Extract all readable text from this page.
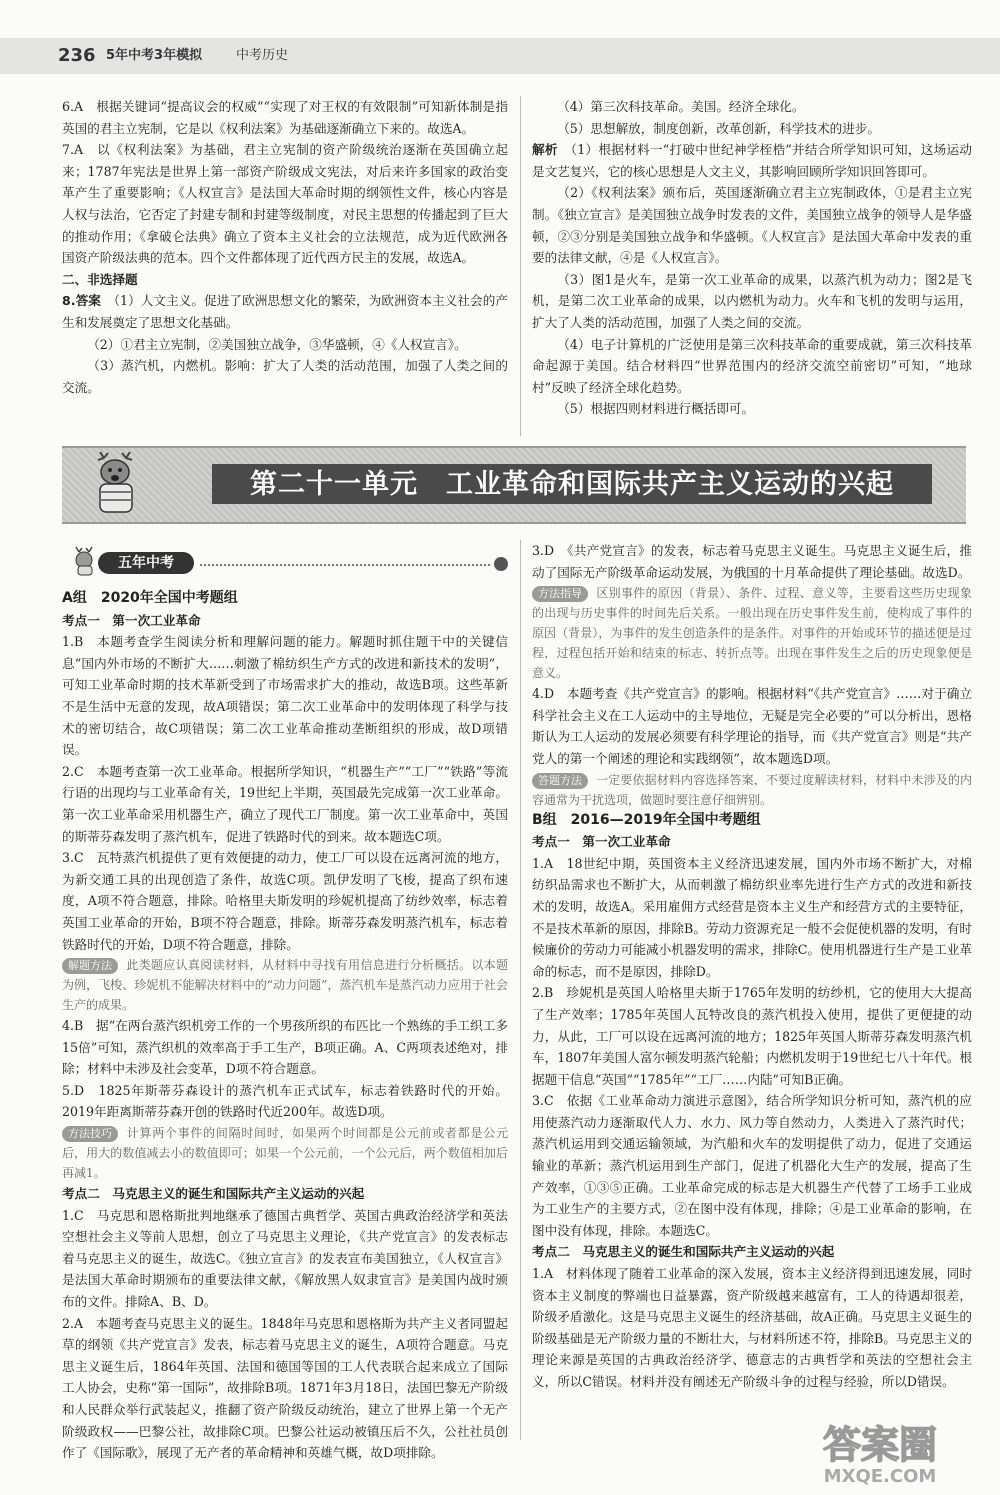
236 5年中考3年模拟	中考历史

6.A　根据关键词“提高议会的权威”“实现了对王权的有效限制”可知新体制是指英国的君主立宪制，它是以《权利法案》为基础逐渐确立下来的。故选A。

7.A　以《权利法案》为基础，君主立宪制的资产阶级统治逐渐在英国确立起来；1787年宪法是世界上第一部资产阶级成文宪法，对后来许多国家的政治变革产生了重要影响；《人权宣言》是法国大革命时期的纲领性文件，核心内容是人权与法治，它否定了封建专制和封建等级制度，对民主思想的传播起到了巨大的推动作用；《拿破仑法典》确立了资本主义社会的立法规范，成为近代欧洲各国资产阶级法典的范本。四个文件都体现了近代西方民主的发展，故选A。

二、非选择题

8.答案　 （1）人文主义。促进了欧洲思想文化的繁荣，为欧洲资本主义社会的产生和发展奠定了思想文化基础。

（2）①君主立宪制，②美国独立战争，③华盛顿，④《人权宣言》。

（3）蒸汽机，内燃机。影响：扩大了人类的活动范围，加强了人类之间的交流。

（4）第三次科技革命。美国。经济全球化。

（5）思想解放，制度创新，改革创新，科学技术的进步。

解析　 （1）根据材料一“打破中世纪神学桎梏”并结合所学知识可知，这场运动是文艺复兴，它的核心思想是人文主义，其影响回顾所学知识回答即可。

（2）《权利法案》颁布后，英国逐渐确立君主立宪制政体，①是君主立宪制。《独立宣言》是美国独立战争时发表的文件，美国独立战争的领导人是华盛顿，②③分别是美国独立战争和华盛顿。《人权宣言》是法国大革命中发表的重要的法律文献，④是《人权宣言》。

（3）图1是火车，是第一次工业革命的成果，以蒸汽机为动力；图2是飞机，是第二次工业革命的成果，以内燃机为动力。火车和飞机的发明与运用，扩大了人类的活动范围，加强了人类之间的交流。

（4）电子计算机的广泛使用是第三次科技革命的重要成就，第三次科技革命起源于美国。结合材料四“世界范围内的经济交流空前密切”可知，“地球村”反映了经济全球化趋势。

（5）根据四则材料进行概括即可。

第二十一单元　工业革命和国际共产主义运动的兴起
五年中考

A组　2020年全国中考题组

考点一　第一次工业革命

1.B　本题考查学生阅读分析和理解问题的能力。解题时抓住题干中的关键信息“国内外市场的不断扩大……刺激了棉纺织生产方式的改进和新技术的发明”，可知工业革命时期的技术革新受到了市场需求扩大的推动，故选B项。这些革新不是生活中无意的发现，故A项错误；第二次工业革命中的发明体现了科学与技术的密切结合，故C项错误；第二次工业革命推动垄断组织的形成，故D项错误。

2.C　本题考查第一次工业革命。根据所学知识，“机器生产”“工厂”“铁路”等流行语的出现均与工业革命有关，19世纪上半期，英国最先完成第一次工业革命。第一次工业革命采用机器生产，确立了现代工厂制度。第一次工业革命中，英国的斯蒂芬森发明了蒸汽机车，促进了铁路时代的到来。故本题选C项。

3.C　瓦特蒸汽机提供了更有效便捷的动力，使工厂可以设在远离河流的地方，为新交通工具的出现创造了条件，故选C项。凯伊发明了飞梭，提高了织布速度，A项不符合题意，排除。哈格里夫斯发明的珍妮机提高了纺纱效率，标志着英国工业革命的开始，B项不符合题意，排除。斯蒂芬森发明蒸汽机车，标志着铁路时代的开始，D项不符合题意，排除。

解题方法 此类题应认真阅读材料，从材料中寻找有用信息进行分析概括。以本题为例，飞梭、珍妮机不能解决材料中的“动力问题”，蒸汽机车是蒸汽动力应用于社会生产的成果。

4.B　据“在两台蒸汽织机旁工作的一个男孩所织的布匹比一个熟练的手工织工多15倍”可知，蒸汽织机的效率高于手工生产，B项正确。A、C两项表述绝对，排除；材料中未涉及社会变革，D项不符合题意。

5.D　1825年斯蒂芬森设计的蒸汽机车正式试车，标志着铁路时代的开始。2019年距离斯蒂芬森开创的铁路时代近200年。故选D项。

方法技巧 计算两个事件的间隔时间时，如果两个时间都是公元前或者都是公元后，用大的数值减去小的数值即可；如果一个公元前，一个公元后，两个数值相加后再减1。

考点二　马克思主义的诞生和国际共产主义运动的兴起

1.C　马克思和恩格斯批判地继承了德国古典哲学、英国古典政治经济学和英法空想社会主义等前人思想，创立了马克思主义理论，《共产党宣言》的发表标志着马克思主义的诞生，故选C。《独立宣言》的发表宣布美国独立，《人权宣言》是法国大革命时期颁布的重要法律文献，《解放黑人奴隶宣言》是美国内战时颁布的文件。排除A、B、D。

2.A　本题考查马克思主义的诞生。1848年马克思和恩格斯为共产主义者同盟起草的纲领《共产党宣言》发表，标志着马克思主义的诞生，A项符合题意。马克思主义诞生后，1864年英国、法国和德国等国的工人代表联合起来成立了国际工人协会，史称“第一国际”，故排除B项。1871年3月18日，法国巴黎无产阶级和人民群众举行武装起义，推翻了资产阶级反动统治，建立了世界上第一个无产阶级政权——巴黎公社，故排除C项。巴黎公社运动被镇压后不久，公社社员创作了《国际歌》，展现了无产者的革命精神和英雄气概，故D项排除。

3.D　《共产党宣言》的发表，标志着马克思主义诞生。马克思主义诞生后，推动了国际无产阶级革命运动发展，为俄国的十月革命提供了理论基础。故选D。

方法指导 区别事件的原因（背景）、条件、过程、意义等，主要看这些历史现象的出现与历史事件的时间先后关系。一般出现在历史事件发生前，使构成了事件的原因（背景），为事件的发生创造条件的是条件。对事件的开始或环节的描述便是过程，过程包括开始和结束的标志、转折点等。出现在事件发生之后的历史现象便是意义。

4.D　本题考查《共产党宣言》的影响。根据材料“《共产党宣言》……对于确立科学社会主义在工人运动中的主导地位，无疑是完全必要的”可以分析出，恩格斯认为工人运动的发展必须要有科学理论的指导，而《共产党宣言》则是“共产党人的第一个阐述的理论和实践纲领”，故本题选D项。

答题方法 一定要依据材料内容选择答案，不要过度解读材料，材料中未涉及的内容通常为干扰选项，做题时要注意仔细辨别。

B组　2016—2019年全国中考题组

考点一　第一次工业革命

1.A　18世纪中期，英国资本主义经济迅速发展，国内外市场不断扩大，对棉纺织品需求也不断扩大，从而刺激了棉纺织业率先进行生产方式的改进和新技术的发明，故选A。采用雇佣方式经营是资本主义生产和经营方式的主要特征，不是技术革新的原因，排除B。劳动力资源充足一般不会促使机器的发明，有时候廉价的劳动力可能减小机器发明的需求，排除C。使用机器进行生产是工业革命的标志，而不是原因，排除D。

2.B　珍妮机是英国人哈格里夫斯于1765年发明的纺纱机，它的使用大大提高了生产效率；1785年英国人瓦特改良的蒸汽机投入使用，提供了更便捷的动力，从此，工厂可以设在远离河流的地方；1825年英国人斯蒂芬森发明蒸汽机车，1807年美国人富尔顿发明蒸汽轮船；内燃机发明于19世纪七八十年代。根据题干信息“英国”“1785年”“工厂……内陆”可知B正确。

3.C　依据《工业革命动力演进示意图》，结合所学知识分析可知，蒸汽机的应用使蒸汽动力逐渐取代人力、水力、风力等自然动力，人类进入了蒸汽时代；蒸汽机运用到交通运输领域，为汽船和火车的发明提供了动力，促进了交通运输业的革新；蒸汽机运用到生产部门，促进了机器化大生产的发展，提高了生产效率，①③⑤正确。工业革命完成的标志是大机器生产代替了工场手工业成为工业生产的主要方式，②在图中没有体现，排除；④是工业革命的影响，在图中没有体现，排除。本题选C。

考点二　马克思主义的诞生和国际共产主义运动的兴起

1.A　材料体现了随着工业革命的深入发展，资本主义经济得到迅速发展，同时资本主义制度的弊端也日益暴露，资产阶级越来越富有，工人的待遇却很差，阶级矛盾激化。这是马克思主义诞生的经济基础，故A正确。马克思主义诞生的阶级基础是无产阶级力量的不断壮大，与材料所述不符，排除B。马克思主义的理论来源是英国的古典政治经济学、德意志的古典哲学和英法的空想社会主义，所以C错误。材料并没有阐述无产阶级斗争的过程与经验，所以D错误。

答案圈
MXQE.COM
